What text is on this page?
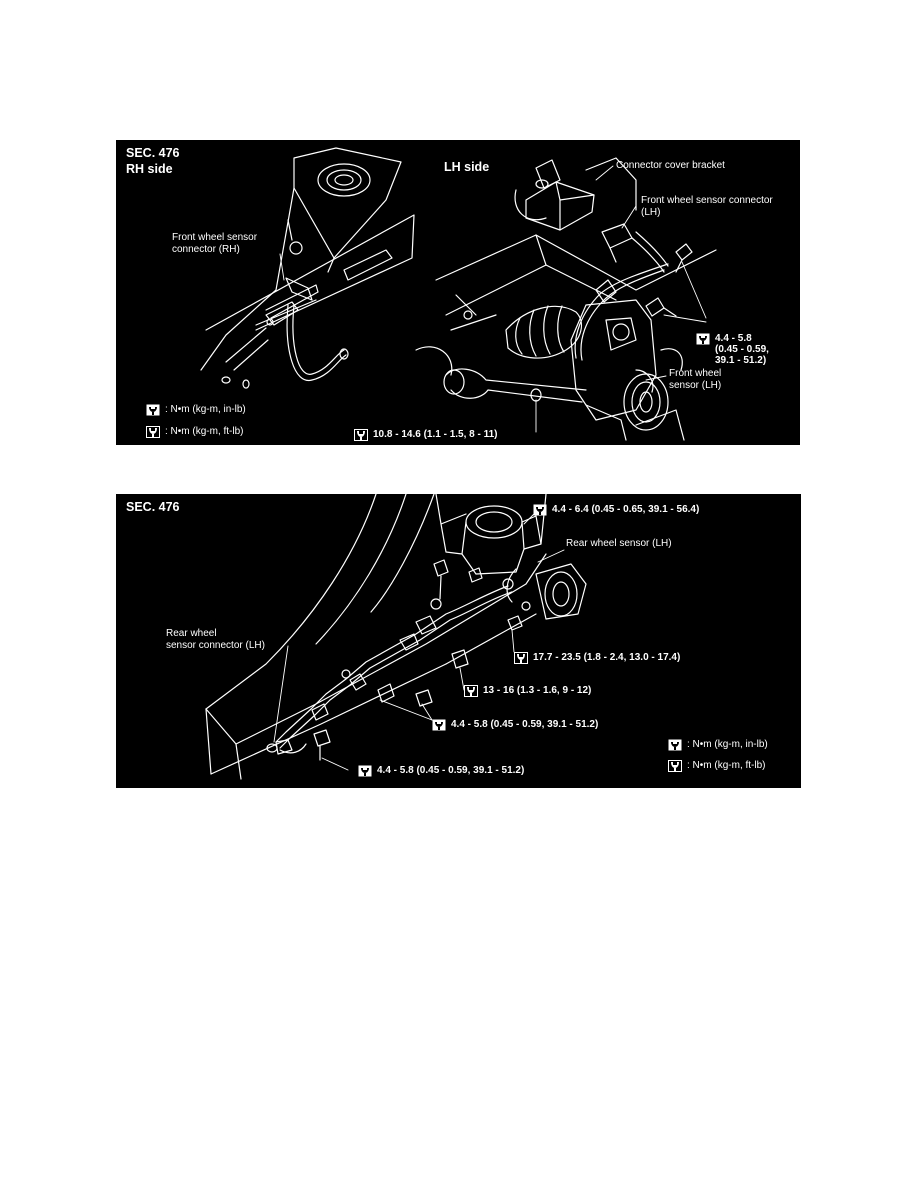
SEC. 476
RH side	LH side
Front wheel sensor
connector (RH)
Connector cover bracket
Front wheel sensor connector
(LH)
Front wheel
sensor (LH)
4.4 - 5.8
(0.45 - 0.59,
39.1 - 51.2)
10.8 - 14.6 (1.1 - 1.5, 8 - 11)
: N•m (kg-m, in-lb)
: N•m (kg-m, ft-lb)
SEC. 476	4.4 - 6.4 (0.45 - 0.65, 39.1 - 56.4)
Rear wheel sensor (LH)
Rear wheel
sensor connector (LH)
17.7 - 23.5 (1.8 - 2.4, 13.0 - 17.4)
13 - 16 (1.3 - 1.6, 9 - 12)
4.4 - 5.8 (0.45 - 0.59, 39.1 - 51.2)
4.4 - 5.8 (0.45 - 0.59, 39.1 - 51.2)
: N•m (kg-m, in-lb)
: N•m (kg-m, ft-lb)
